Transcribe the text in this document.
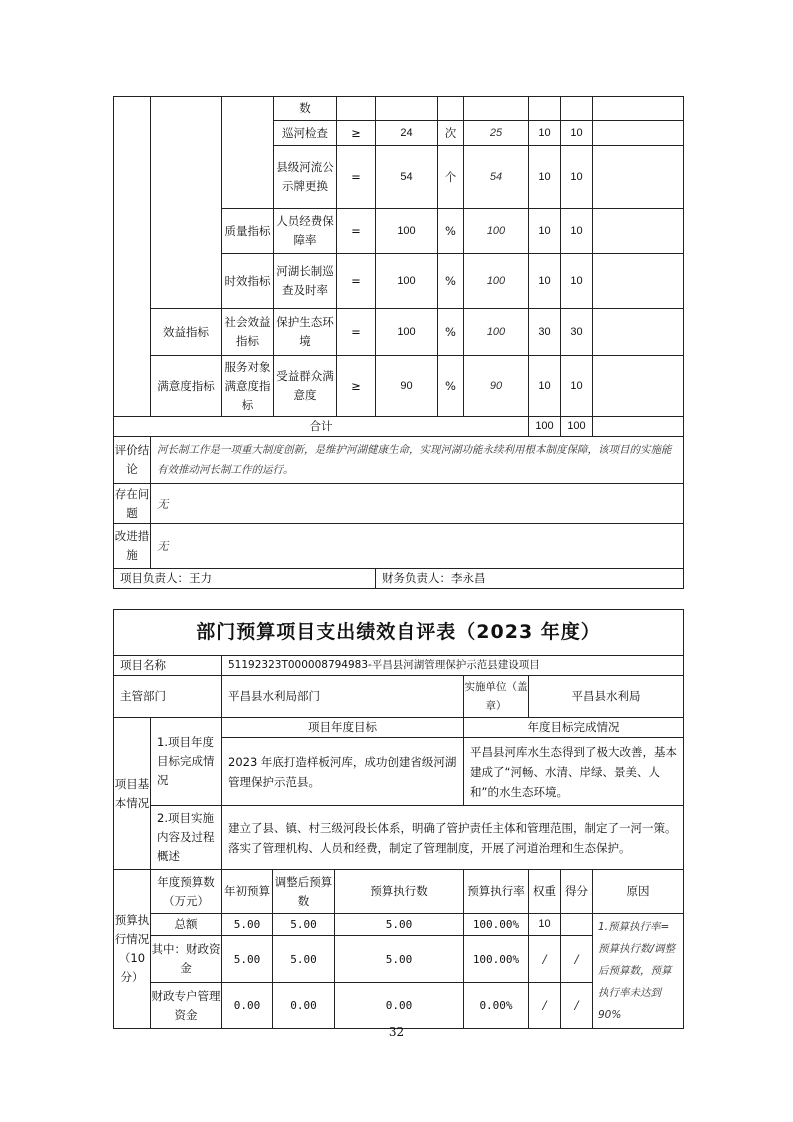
			数							
			巡河检查	≥	24	次	25	10	10	
			县级河流公示牌更换	=	54	个	54	10	10	
		质量指标	人员经费保障率	=	100	%	100	10	10	
		时效指标	河湖长制巡查及时率	=	100	%	100	10	10	
	效益指标	社会效益指标	保护生态环境	=	100	%	100	30	30	
	满意度指标	服务对象满意度指标	受益群众满意度	≥	90	%	90	10	10	
合计								100	100	
评价结论	河长制工作是一项重大制度创新，是维护河湖健康生命，实现河湖功能永续利用根本制度保障，该项目的实施能有效推动河长制工作的运行。									
存在问题	无									
改进措施	无									
项目负责人：王力					财务负责人：李永昌					
部门预算项目支出绩效自评表（2023 年度）								
项目名称		51192323T000008794983-平昌县河湖管理保护示范县建设项目						
主管部门		平昌县水利局部门			实施单位（盖章）	平昌县水利局		
项目基本情况	1.项目年度目标完成情况	项目年度目标			年度目标完成情况			
		2023 年底打造样板河库，成功创建省级河湖管理保护示范县。			平昌县河库水生态得到了极大改善，基本建成了“河畅、水清、岸绿、景美、人和”的水生态环境。			
	2.项目实施内容及过程概述	建立了县、镇、村三级河段长体系，明确了管护责任主体和管理范围，制定了一河一策。落实了管理机构、人员和经费，制定了管理制度，开展了河道治理和生态保护。						
预算执行情况（10分）	年度预算数（万元）	年初预算	调整后预算数	预算执行数	预算执行率	权重	得分	原因
	总额	5.00	5.00	5.00	100.00%	10		1.预算执行率=预算执行数/调整后预算数，预算执行率未达到90%
	其中：财政资金	5.00	5.00	5.00	100.00%	/	/	
	财政专户管理资金	0.00	0.00	0.00	0.00%	/	/	
32
